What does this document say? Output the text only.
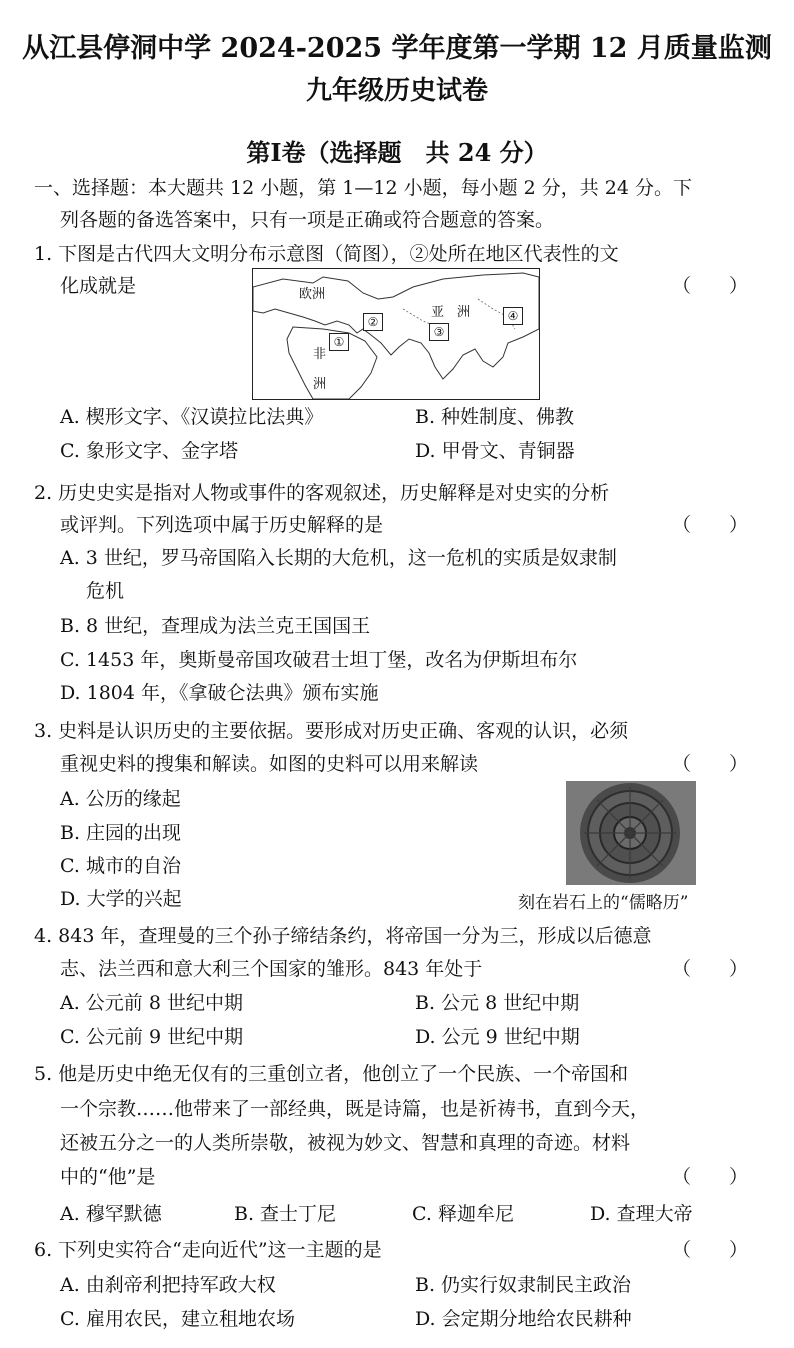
从江县停洞中学 2024-2025 学年度第一学期 12 月质量监测
九年级历史试卷
第Ⅰ卷（选择题　共 24 分）
一、选择题：本大题共 12 小题，第 1—12 小题，每小题 2 分，共 24 分。下
列各题的备选答案中，只有一项是正确或符合题意的答案。
1. 下图是古代四大文明分布示意图（简图），②处所在地区代表性的文
化成就是	（　　）
欧洲
亚　洲
非
洲
①
②
③
④
A. 楔形文字、《汉谟拉比法典》	B. 种姓制度、佛教
C. 象形文字、金字塔	D. 甲骨文、青铜器
2. 历史史实是指对人物或事件的客观叙述，历史解释是对史实的分析
或评判。下列选项中属于历史解释的是	（　　）
A. 3 世纪，罗马帝国陷入长期的大危机，这一危机的实质是奴隶制
危机
B. 8 世纪，查理成为法兰克王国国王
C. 1453 年，奥斯曼帝国攻破君士坦丁堡，改名为伊斯坦布尔
D. 1804 年，《拿破仑法典》颁布实施
3. 史料是认识历史的主要依据。要形成对历史正确、客观的认识，必须
重视史料的搜集和解读。如图的史料可以用来解读	（　　）
A. 公历的缘起
B. 庄园的出现
C. 城市的自治
D. 大学的兴起	刻在岩石上的“儒略历”
4. 843 年，查理曼的三个孙子缔结条约，将帝国一分为三，形成以后德意
志、法兰西和意大利三个国家的雏形。843 年处于	（　　）
A. 公元前 8 世纪中期	B. 公元 8 世纪中期
C. 公元前 9 世纪中期	D. 公元 9 世纪中期
5. 他是历史中绝无仅有的三重创立者，他创立了一个民族、一个帝国和
一个宗教……他带来了一部经典，既是诗篇，也是祈祷书，直到今天，
还被五分之一的人类所崇敬，被视为妙文、智慧和真理的奇迹。材料
中的“他”是	（　　）
A. 穆罕默德	B. 查士丁尼	C. 释迦牟尼	D. 查理大帝
6. 下列史实符合“走向近代”这一主题的是	（　　）
A. 由刹帝利把持军政大权	B. 仍实行奴隶制民主政治
C. 雇用农民，建立租地农场	D. 会定期分地给农民耕种
